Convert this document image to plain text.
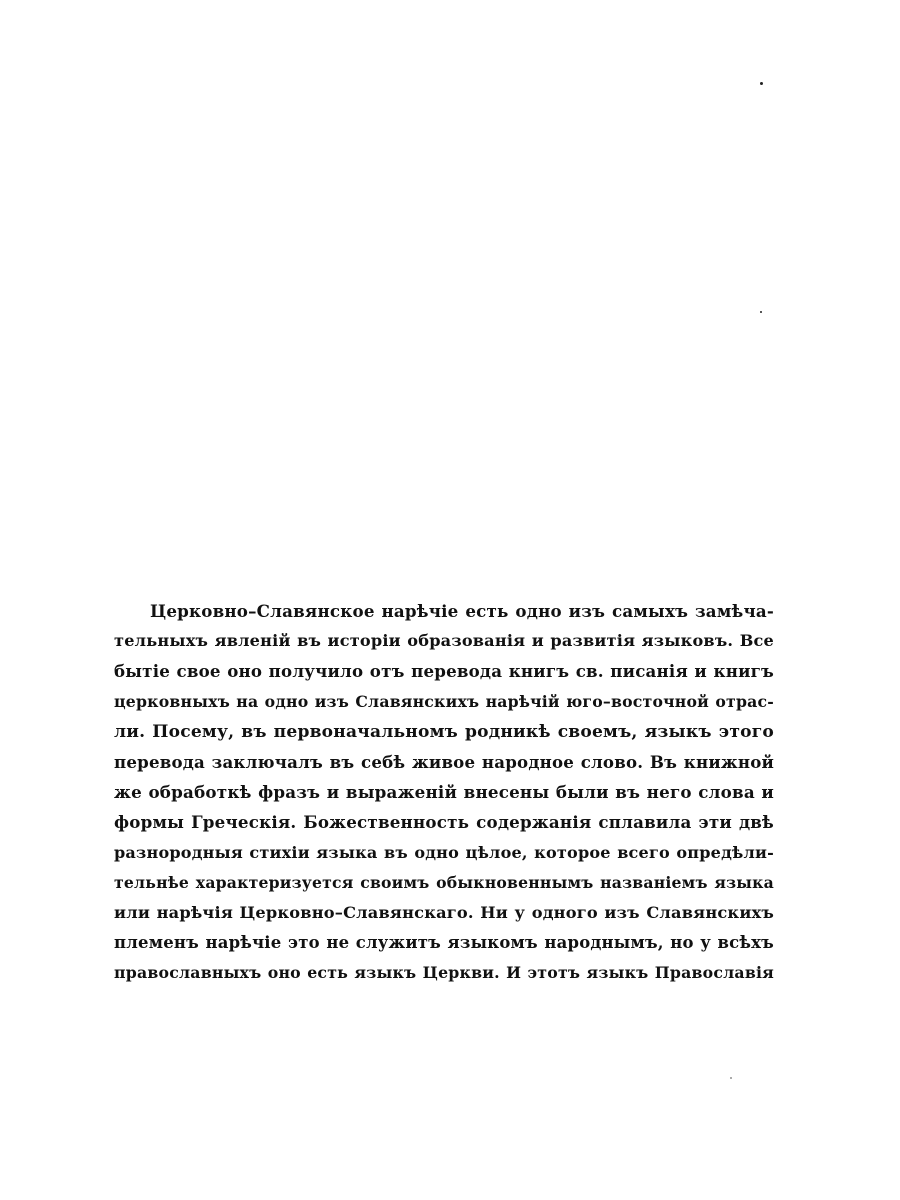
Церковно–Славянское нарѣчіе есть одно изъ самыхъ замѣча-
тельныхъ явленій въ исторіи образованія и развитія языковъ. Все
бытіе свое оно получило отъ перевода книгъ св. писанія и книгъ
церковныхъ на одно изъ Славянскихъ нарѣчій юго–восточной отрас-
ли. Посему, въ первоначальномъ родникѣ своемъ, языкъ этого
перевода заключалъ въ себѣ живое народное слово. Въ книжной
же обработкѣ фразъ и выраженій внесены были въ него слова и
формы Греческія. Божественность содержанія сплавила эти двѣ
разнородныя стихіи языка въ одно цѣлое, которое всего опредѣли-
тельнѣе характеризуется своимъ обыкновеннымъ названіемъ языка
или нарѣчія Церковно–Славянскаго. Ни у одного изъ Славянскихъ
племенъ нарѣчіе это не служитъ языкомъ народнымъ, но у всѣхъ
православныхъ оно есть языкъ Церкви. И этотъ языкъ Православія
